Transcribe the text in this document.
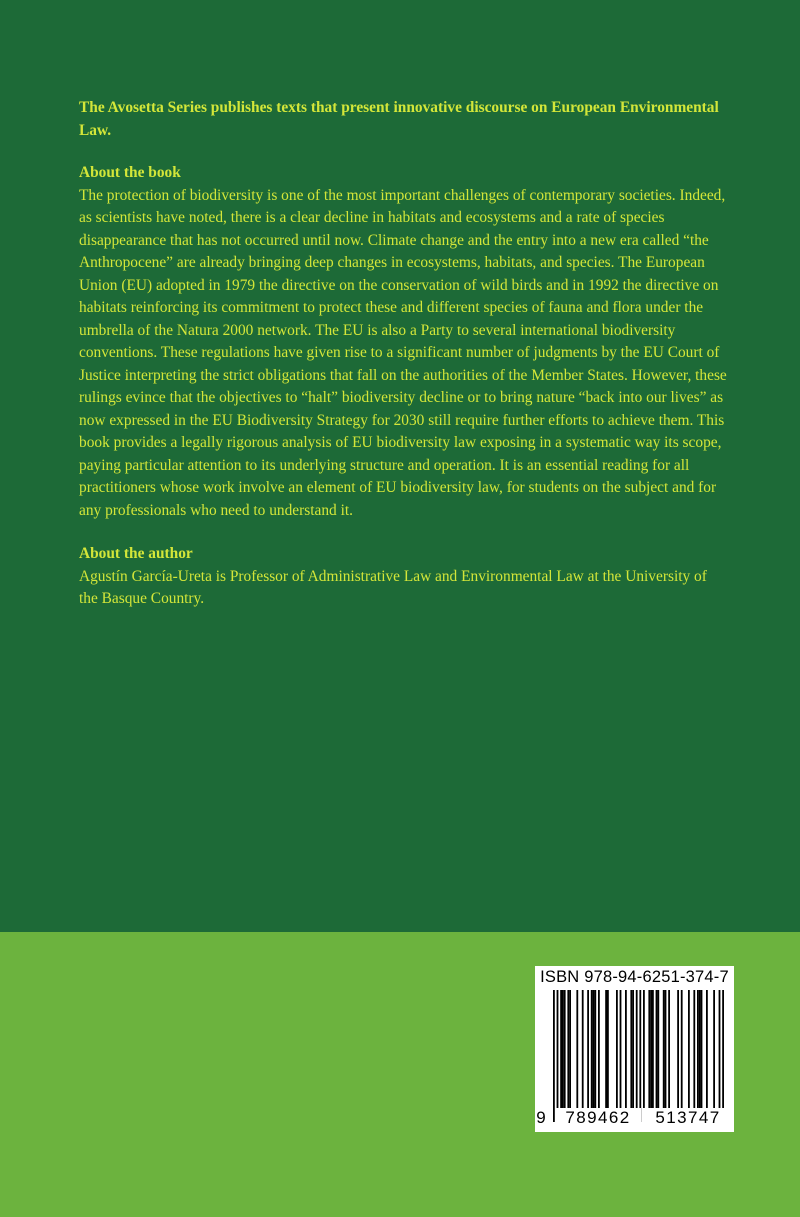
The Avosetta Series publishes texts that present innovative discourse on European Environmental Law.

About the book

The protection of biodiversity is one of the most important challenges of contemporary societies. Indeed, as scientists have noted, there is a clear decline in habitats and ecosystems and a rate of species disappearance that has not occurred until now. Climate change and the entry into a new era called “the Anthropocene” are already bringing deep changes in ecosystems, habitats, and species. The European Union (EU) adopted in 1979 the directive on the conservation of wild birds and in 1992 the directive on habitats reinforcing its commitment to protect these and different species of fauna and flora under the umbrella of the Natura 2000 network. The EU is also a Party to several international biodiversity conventions. These regulations have given rise to a significant number of judgments by the EU Court of Justice interpreting the strict obligations that fall on the authorities of the Member States. However, these rulings evince that the objectives to “halt” biodiversity decline or to bring nature “back into our lives” as now expressed in the EU Biodiversity Strategy for 2030 still require further efforts to achieve them. This book provides a legally rigorous analysis of EU biodiversity law exposing in a systematic way its scope, paying particular attention to its underlying structure and operation. It is an essential reading for all practitioners whose work involve an element of EU biodiversity law, for students on the subject and for any professionals who need to understand it.

About the author

Agustín García-Ureta is Professor of Administrative Law and Environmental Law at the University of the Basque Country.

ISBN 978-94-6251-374-7
9	789462	513747
